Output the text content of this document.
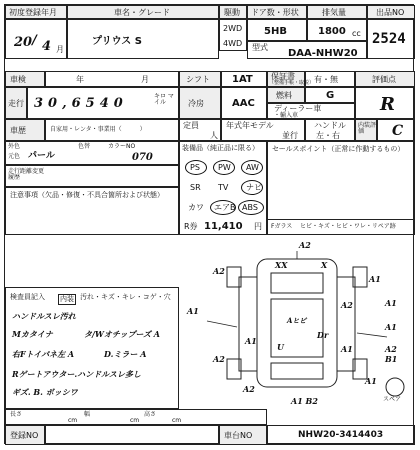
初度登録年月
20 / 4 月
車名・グレード
プリウス S
駆動
2WD
4WD
ドア数・形状
5HB
排気量
1800 cc
型式
DAA-NHW20
出品NO
2524
車検	年	月	シフト 1AT 保証書
（整備手帳・取説） 有・無	評価点
R
走行 30,6540	キロ マイル	冷房	AAC
燃料	G
ディーラー車
・輸入車
車歴	自家用・レンタ・事業用（　　　）	定員
人
年式年モデル
並行
ハンドル
左・右
内装評価	C
外色
元色 パール
色替	カラーNO
070
走行距離変更履歴
注意事項（欠品・修復・不具合箇所および状態）
装備品（純正品に限る）
PS PW AW
SR TV ナビ
カワ エアB ABS
R券 11,410 円
セールスポイント（正常に作動するもの）
Fガラス ヒビ・キズ・ヒビ・ワレ・リペア跡
A2
XX	X
A2
A1
A1
A1
A1
A2
A2	B1
A1
A2
U
Dr
A1
A1
A2
Aヒビ
スペア
A1 B2
検査員記入 内装 汚れ・キズ・キレ・コゲ・穴
ハンドルスレ汚れ
Mカタイナ	タ/Wオチップーズ A
右Fトイパネ左 A	D.ミラー A
Rゲートアウター.ハンドルスレ多し
ギズ. B. ボッシワ
長さ	幅	高さ
cm	cm	cm
登録NO	車台NO	NHW20-3414403
